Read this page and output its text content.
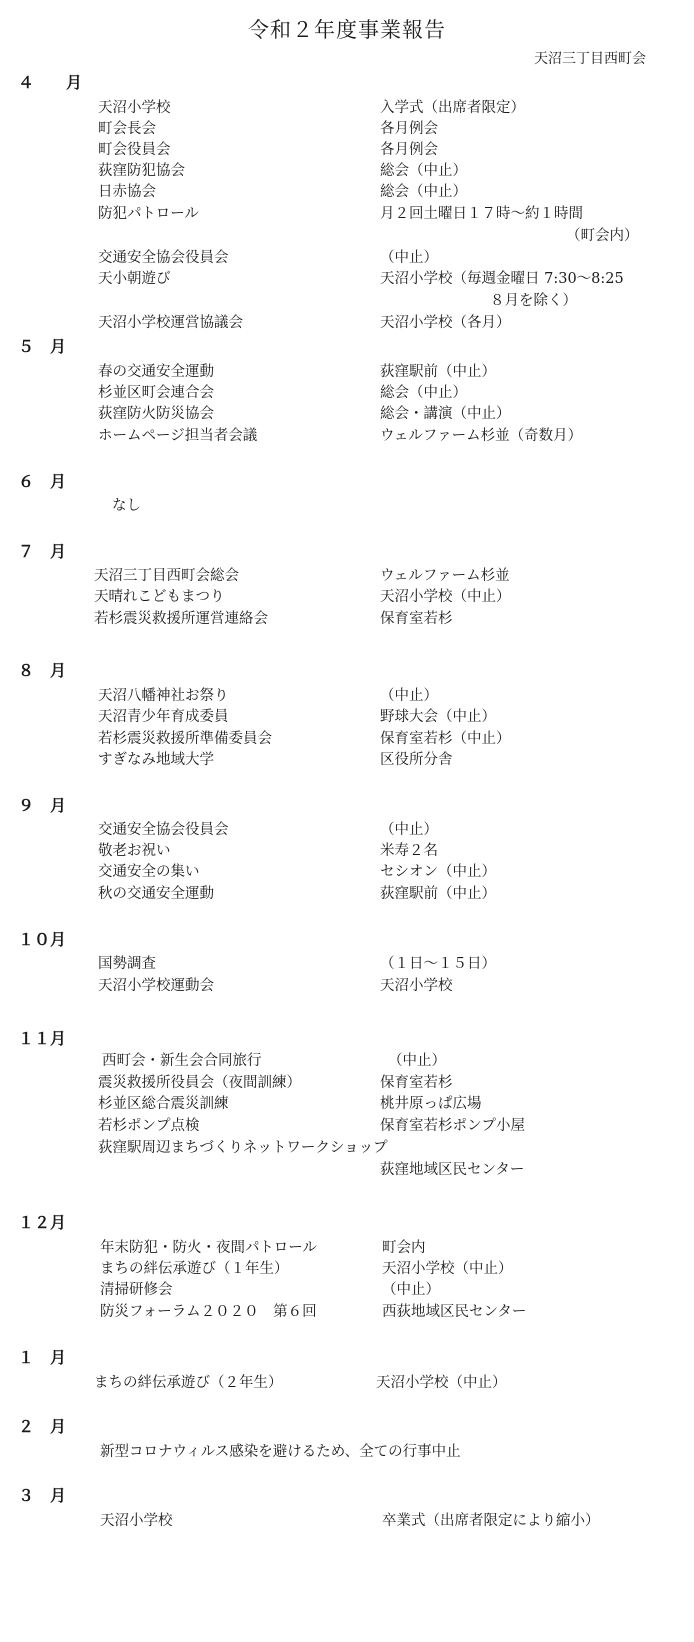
令和２年度事業報告
天沼三丁目西町会
４　　月
天沼小学校	入学式（出席者限定）
町会長会	各月例会
町会役員会	各月例会
荻窪防犯協会	総会（中止）
日赤協会	総会（中止）
防犯パトロール	月２回土曜日１７時～約１時間
（町会内）
交通安全協会役員会	（中止）
天小朝遊び	天沼小学校（毎週金曜日 7:30～8:25
８月を除く）
天沼小学校運営協議会	天沼小学校（各月）
５　月
春の交通安全運動	荻窪駅前（中止）
杉並区町会連合会	総会（中止）
荻窪防火防災協会	総会・講演（中止）
ホームページ担当者会議	ウェルファーム杉並（奇数月）
６　月
なし
７　月
天沼三丁目西町会総会	ウェルファーム杉並
天晴れこどもまつり	天沼小学校（中止）
若杉震災救援所運営連絡会	保育室若杉
８　月
天沼八幡神社お祭り	（中止）
天沼青少年育成委員	野球大会（中止）
若杉震災救援所準備委員会	保育室若杉（中止）
すぎなみ地域大学	区役所分舎
９　月
交通安全協会役員会	（中止）
敬老お祝い	米寿２名
交通安全の集い	セシオン（中止）
秋の交通安全運動	荻窪駅前（中止）
１０月
国勢調査	（１日～１５日）
天沼小学校運動会	天沼小学校
１１月
西町会・新生会合同旅行	（中止）
震災救援所役員会（夜間訓練）	保育室若杉
杉並区総合震災訓練	桃井原っぱ広場
若杉ポンプ点検	保育室若杉ポンプ小屋
荻窪駅周辺まちづくりネットワークショップ
荻窪地域区民センター
１２月
年末防犯・防火・夜間パトロール	町会内
まちの絆伝承遊び（１年生）	天沼小学校（中止）
清掃研修会	（中止）
防災フォーラム２０２０　第６回	西荻地域区民センター
１　月
まちの絆伝承遊び（２年生）	天沼小学校（中止）
２　月
新型コロナウィルス感染を避けるため、全ての行事中止
３　月
天沼小学校	卒業式（出席者限定により縮小）
